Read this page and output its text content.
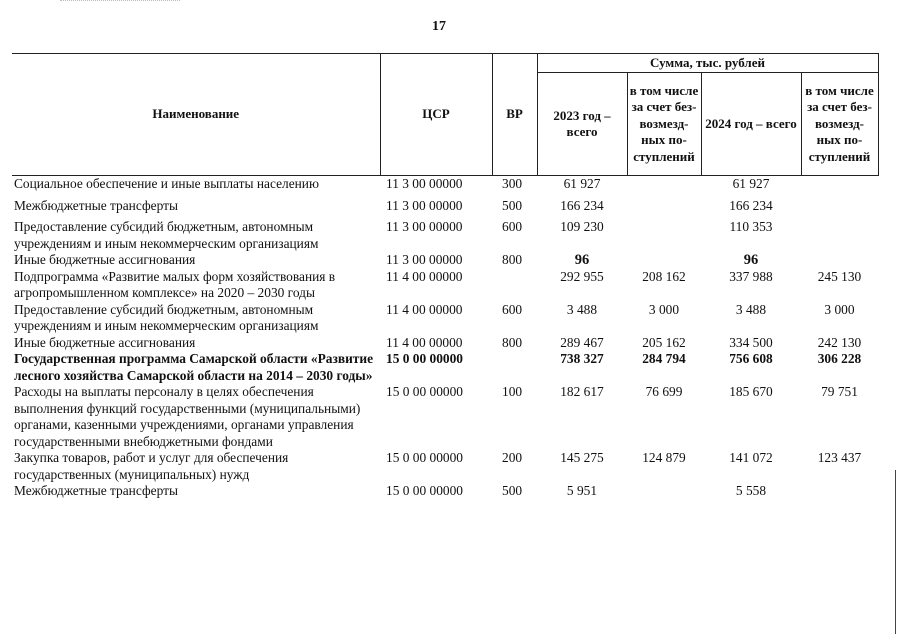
17
Наименование	ЦСР	ВР	Сумма, тыс. рублей			
			2023 год – всего	в том числе за счет без-возмезд-ных по-ступлений	2024 год – всего	в том числе за счет без-возмезд-ных по-ступлений
Социальное обеспечение и иные выплаты населению	11 3 00 00000	300	61 927		61 927	
Межбюджетные трансферты	11 3 00 00000	500	166 234		166 234	
Предоставление субсидий бюджетным, автономным учреждениям и иным некоммерческим организациям	11 3 00 00000	600	109 230		110 353	
Иные бюджетные ассигнования	11 3 00 00000	800	96		96	
Подпрограмма «Развитие малых форм хозяйствования в агропромышленном комплексе» на 2020 – 2030 годы	11 4 00 00000		292 955	208 162	337 988	245 130
Предоставление субсидий бюджетным, автономным учреждениям и иным некоммерческим организациям	11 4 00 00000	600	3 488	3 000	3 488	3 000
Иные бюджетные ассигнования	11 4 00 00000	800	289 467	205 162	334 500	242 130
Государственная программа Самарской области «Развитие лесного хозяйства Самарской области на 2014 – 2030 годы»	15 0 00 00000		738 327	284 794	756 608	306 228
Расходы на выплаты персоналу в целях обеспечения выполнения функций государственными (муниципальными) органами, казенными учреждениями, органами управления государственными внебюджетными фондами	15 0 00 00000	100	182 617	76 699	185 670	79 751
Закупка товаров, работ и услуг для обеспечения государственных (муниципальных) нужд	15 0 00 00000	200	145 275	124 879	141 072	123 437
Межбюджетные трансферты	15 0 00 00000	500	5 951		5 558	
